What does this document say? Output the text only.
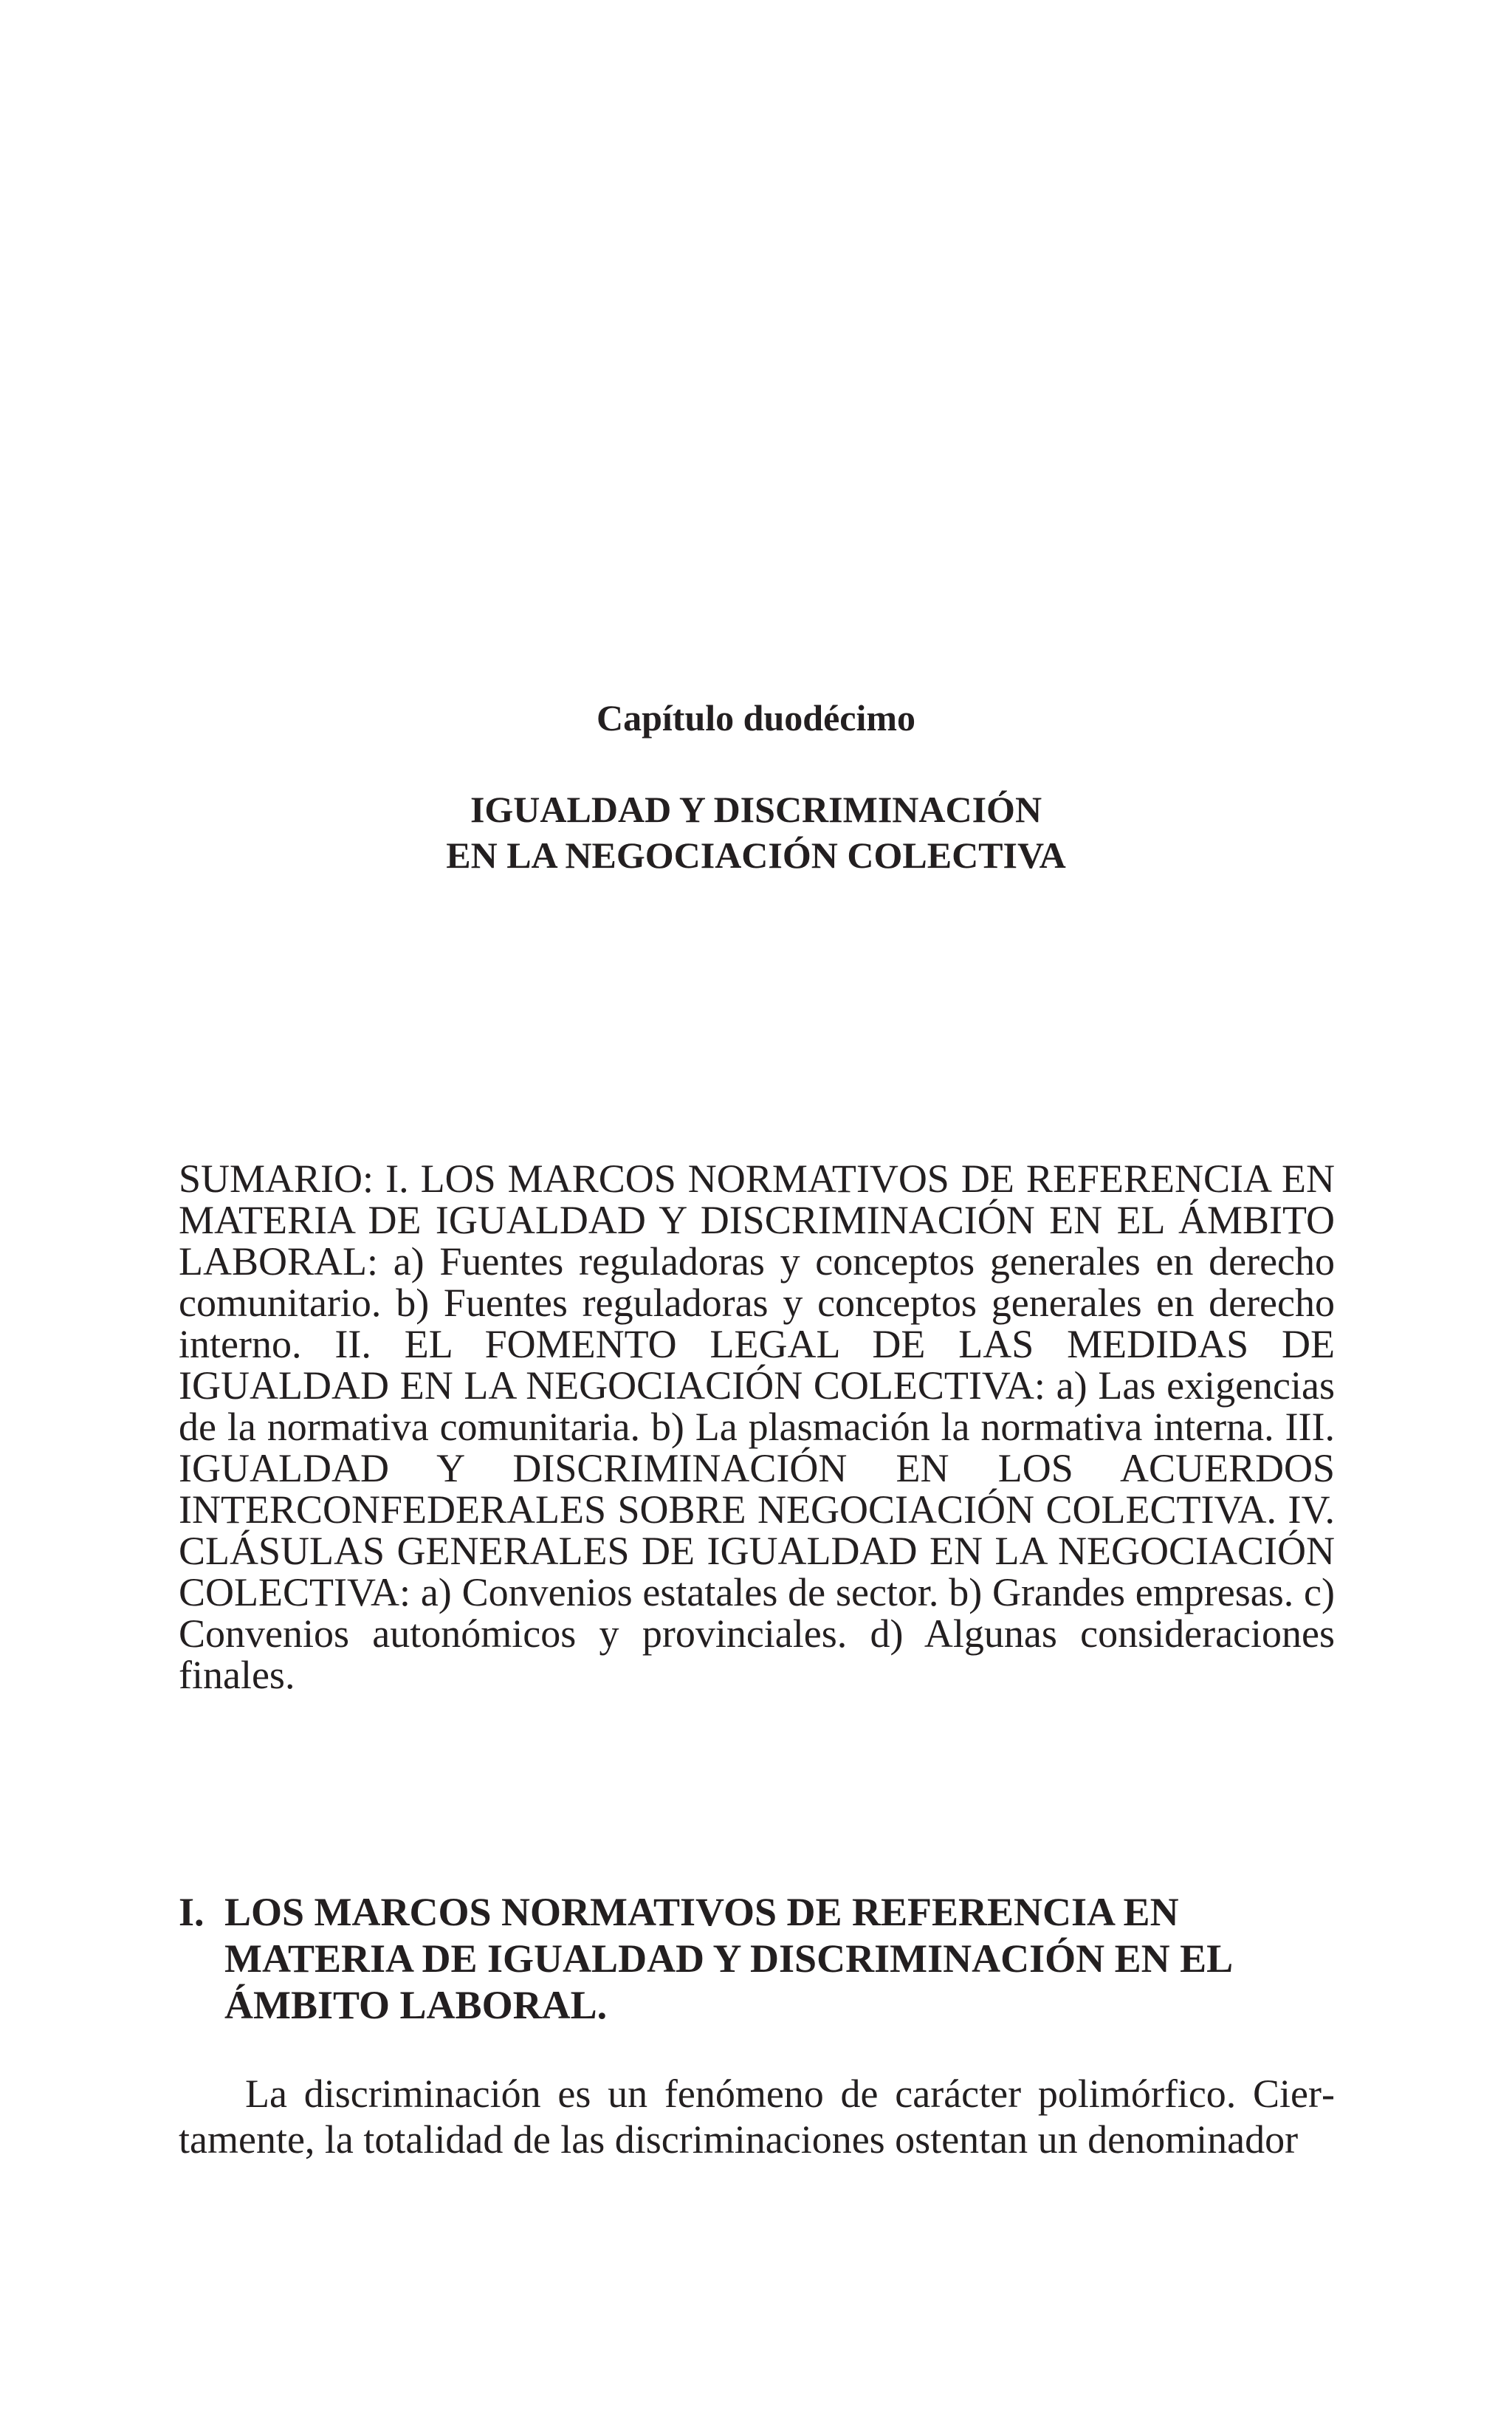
Capítulo duodécimo

IGUALDAD Y DISCRIMINACIÓN
EN LA NEGOCIACIÓN COLECTIVA

SUMARIO: I. LOS MARCOS NORMATIVOS DE REFERENCIA EN MATERIA DE IGUALDAD Y DISCRIMINACIÓN EN EL ÁMBITO LABORAL: a) Fuentes reguladoras y conceptos generales en derecho comunitario. b) Fuentes reguladoras y conceptos generales en derecho interno. II. EL FOMENTO LEGAL DE LAS MEDIDAS DE IGUALDAD EN LA NEGOCIACIÓN COLECTIVA: a) Las exigencias de la normativa comunitaria. b) La plasmación la normativa interna. III. IGUALDAD Y DISCRIMINACIÓN EN LOS ACUERDOS INTERCONFEDERALES SOBRE NEGOCIACIÓN COLECTIVA. IV. CLÁSULAS GENERALES DE IGUALDAD EN LA NEGOCIACIÓN COLECTIVA: a) Convenios estatales de sector. b) Grandes empresas. c) Convenios autonómicos y provinciales. d) Algunas consideraciones finales.

I. LOS MARCOS NORMATIVOS DE REFERENCIA EN MATERIA DE IGUALDAD Y DISCRIMINACIÓN EN EL ÁMBITO LABORAL.

La discriminación es un fenómeno de carácter polimórfico. Ciertamente, la totalidad de las discriminaciones ostentan un denominador
